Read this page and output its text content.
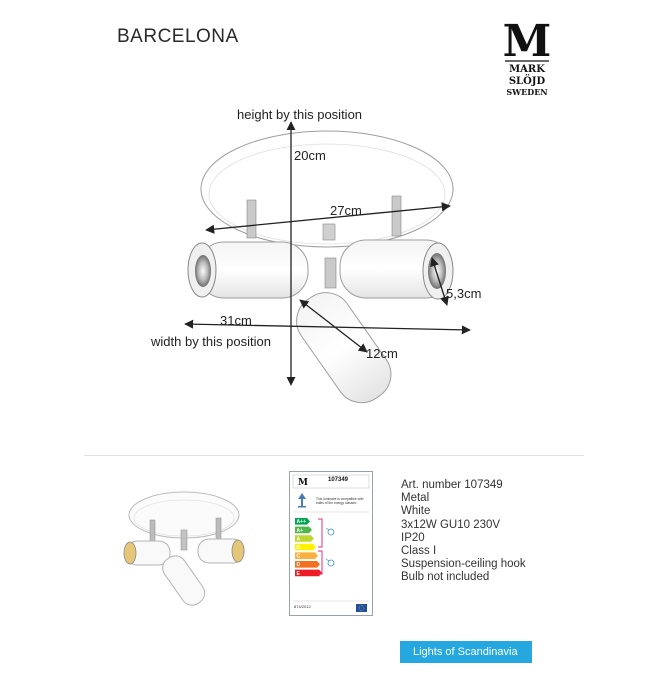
BARCELONA	M
MARK
SLÖJD
SWEDEN
height by this position
20cm
27cm
5,3cm
31cm
width by this position
12cm
M
A++
A+
A
B
C
D
E
107349
This luminaire is compatible with bulbs of the energy classes:
874/2012
Art. number 107349
Metal
White
3x12W GU10 230V
IP20
Class I
Suspension-ceiling hook
Bulb not included
Lights of Scandinavia
